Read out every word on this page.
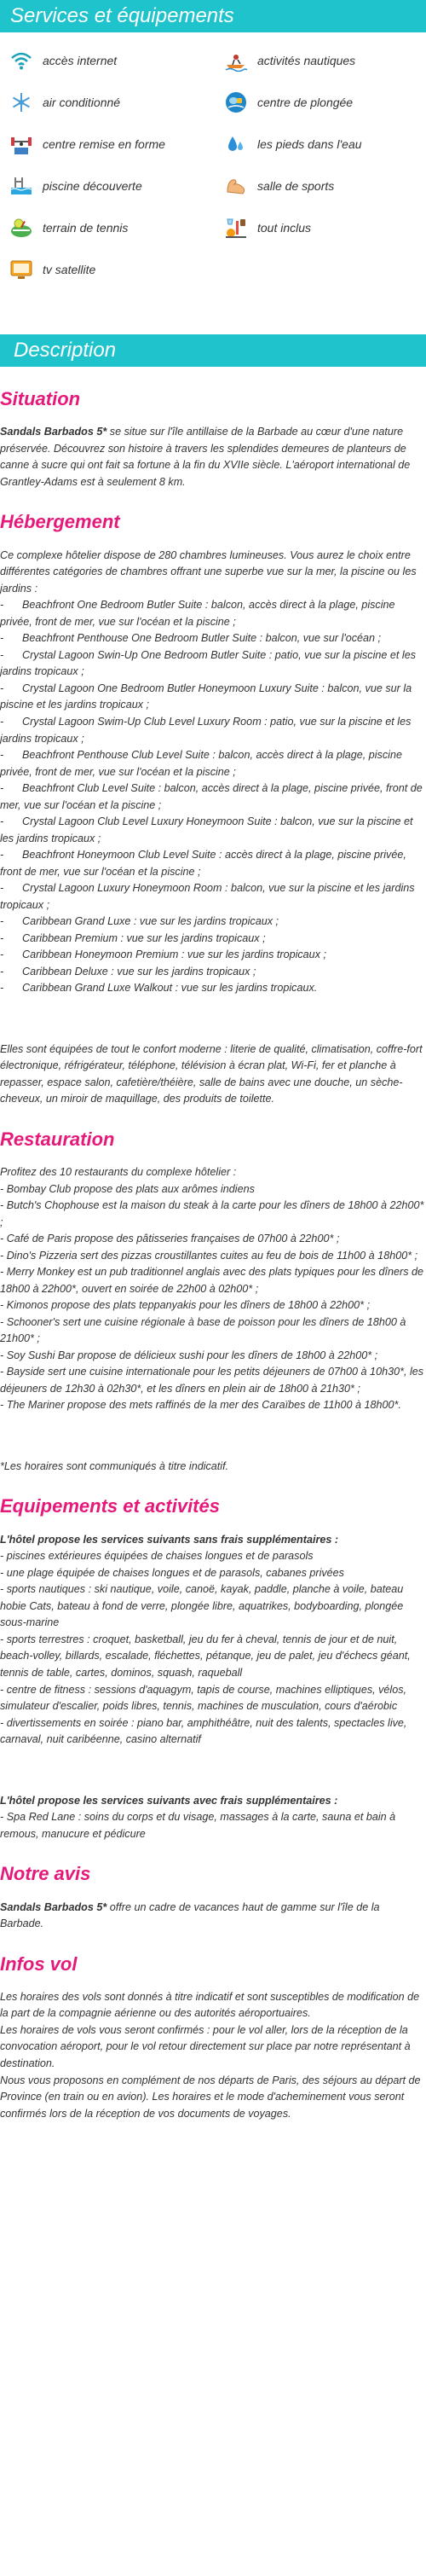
Services et équipements
accès internet	activités nautiques
air conditionné	centre de plongée
centre remise en forme	les pieds dans l'eau
piscine découverte	salle de sports
terrain de tennis	tout inclus
tv satellite
Description
Situation

Sandals Barbados 5* se situe sur l'île antillaise de la Barbade au cœur d'une nature préservée. Découvrez son histoire à travers les splendides demeures de planteurs de canne à sucre qui ont fait sa fortune à la fin du XVIIe siècle. L'aéroport international de Grantley-Adams est à seulement 8 km.

Hébergement

Ce complexe hôtelier dispose de 280 chambres lumineuses. Vous aurez le choix entre différentes catégories de chambres offrant une superbe vue sur la mer, la piscine ou les jardins :

- Beachfront One Bedroom Butler Suite : balcon, accès direct à la plage, piscine privée, front de mer, vue sur l'océan et la piscine ;

- Beachfront Penthouse One Bedroom Butler Suite : balcon, vue sur l'océan ;

- Crystal Lagoon Swin-Up One Bedroom Butler Suite : patio, vue sur la piscine et les jardins tropicaux ;

- Crystal Lagoon One Bedroom Butler Honeymoon Luxury Suite : balcon, vue sur la piscine et les jardins tropicaux ;

- Crystal Lagoon Swim-Up Club Level Luxury Room : patio, vue sur la piscine et les jardins tropicaux ;

- Beachfront Penthouse Club Level Suite : balcon, accès direct à la plage, piscine privée, front de mer, vue sur l'océan et la piscine ;

- Beachfront Club Level Suite : balcon, accès direct à la plage, piscine privée, front de mer, vue sur l'océan et la piscine ;

- Crystal Lagoon Club Level Luxury Honeymoon Suite : balcon, vue sur la piscine et les jardins tropicaux ;

- Beachfront Honeymoon Club Level Suite : accès direct à la plage, piscine privée, front de mer, vue sur l'océan et la piscine ;

- Crystal Lagoon Luxury Honeymoon Room : balcon, vue sur la piscine et les jardins tropicaux ;

- Caribbean Grand Luxe : vue sur les jardins tropicaux ;

- Caribbean Premium : vue sur les jardins tropicaux ;

- Caribbean Honeymoon Premium : vue sur les jardins tropicaux ;

- Caribbean Deluxe : vue sur les jardins tropicaux ;

- Caribbean Grand Luxe Walkout : vue sur les jardins tropicaux.

Elles sont équipées de tout le confort moderne : literie de qualité, climatisation, coffre-fort électronique, réfrigérateur, téléphone, télévision à écran plat, Wi-Fi, fer et planche à repasser, espace salon, cafetière/théière, salle de bains avec une douche, un sèche-cheveux, un miroir de maquillage, des produits de toilette.

Restauration

Profitez des 10 restaurants du complexe hôtelier :

- Bombay Club propose des plats aux arômes indiens

- Butch's Chophouse est la maison du steak à la carte pour les dîners de 18h00 à 22h00* ;

- Café de Paris propose des pâtisseries françaises de 07h00 à 22h00* ;

- Dino's Pizzeria sert des pizzas croustillantes cuites au feu de bois de 11h00 à 18h00* ;

- Merry Monkey est un pub traditionnel anglais avec des plats typiques pour les dîners de 18h00 à 22h00*, ouvert en soirée de 22h00 à 02h00* ;

- Kimonos propose des plats teppanyakis pour les dîners de 18h00 à 22h00* ;

- Schooner's sert une cuisine régionale à base de poisson pour les dîners de 18h00 à 21h00* ;

- Soy Sushi Bar propose de délicieux sushi pour les dîners de 18h00 à 22h00* ;

- Bayside sert une cuisine internationale pour les petits déjeuners de 07h00 à 10h30*, les déjeuners de 12h30 à 02h30*, et les dîners en plein air de 18h00 à 21h30* ;

- The Mariner propose des mets raffinés de la mer des Caraïbes de 11h00 à 18h00*.

*Les horaires sont communiqués à titre indicatif.

Equipements et activités

L'hôtel propose les services suivants sans frais supplémentaires :

- piscines extérieures équipées de chaises longues et de parasols

- une plage équipée de chaises longues et de parasols, cabanes privées

- sports nautiques : ski nautique, voile, canoë, kayak, paddle, planche à voile, bateau hobie Cats, bateau à fond de verre, plongée libre, aquatrikes, bodyboarding, plongée sous-marine

- sports terrestres : croquet, basketball, jeu du fer à cheval, tennis de jour et de nuit, beach-volley, billards, escalade, fléchettes, pétanque, jeu de palet, jeu d'échecs géant, tennis de table, cartes, dominos, squash, raqueball

- centre de fitness : sessions d'aquagym, tapis de course, machines elliptiques, vélos, simulateur d'escalier, poids libres, tennis, machines de musculation, cours d'aérobic

- divertissements en soirée : piano bar, amphithéâtre, nuit des talents, spectacles live, carnaval, nuit caribéenne, casino alternatif

L'hôtel propose les services suivants avec frais supplémentaires :

- Spa Red Lane : soins du corps et du visage, massages à la carte, sauna et bain à remous, manucure et pédicure

Notre avis

Sandals Barbados 5* offre un cadre de vacances haut de gamme sur l'île de la Barbade.

Infos vol

Les horaires des vols sont donnés à titre indicatif et sont susceptibles de modification de la part de la compagnie aérienne ou des autorités aéroportuaires.

Les horaires de vols vous seront confirmés : pour le vol aller, lors de la réception de la convocation aéroport, pour le vol retour directement sur place par notre représentant à destination.

Nous vous proposons en complément de nos départs de Paris, des séjours au départ de Province (en train ou en avion). Les horaires et le mode d'acheminement vous seront confirmés lors de la réception de vos documents de voyages.
